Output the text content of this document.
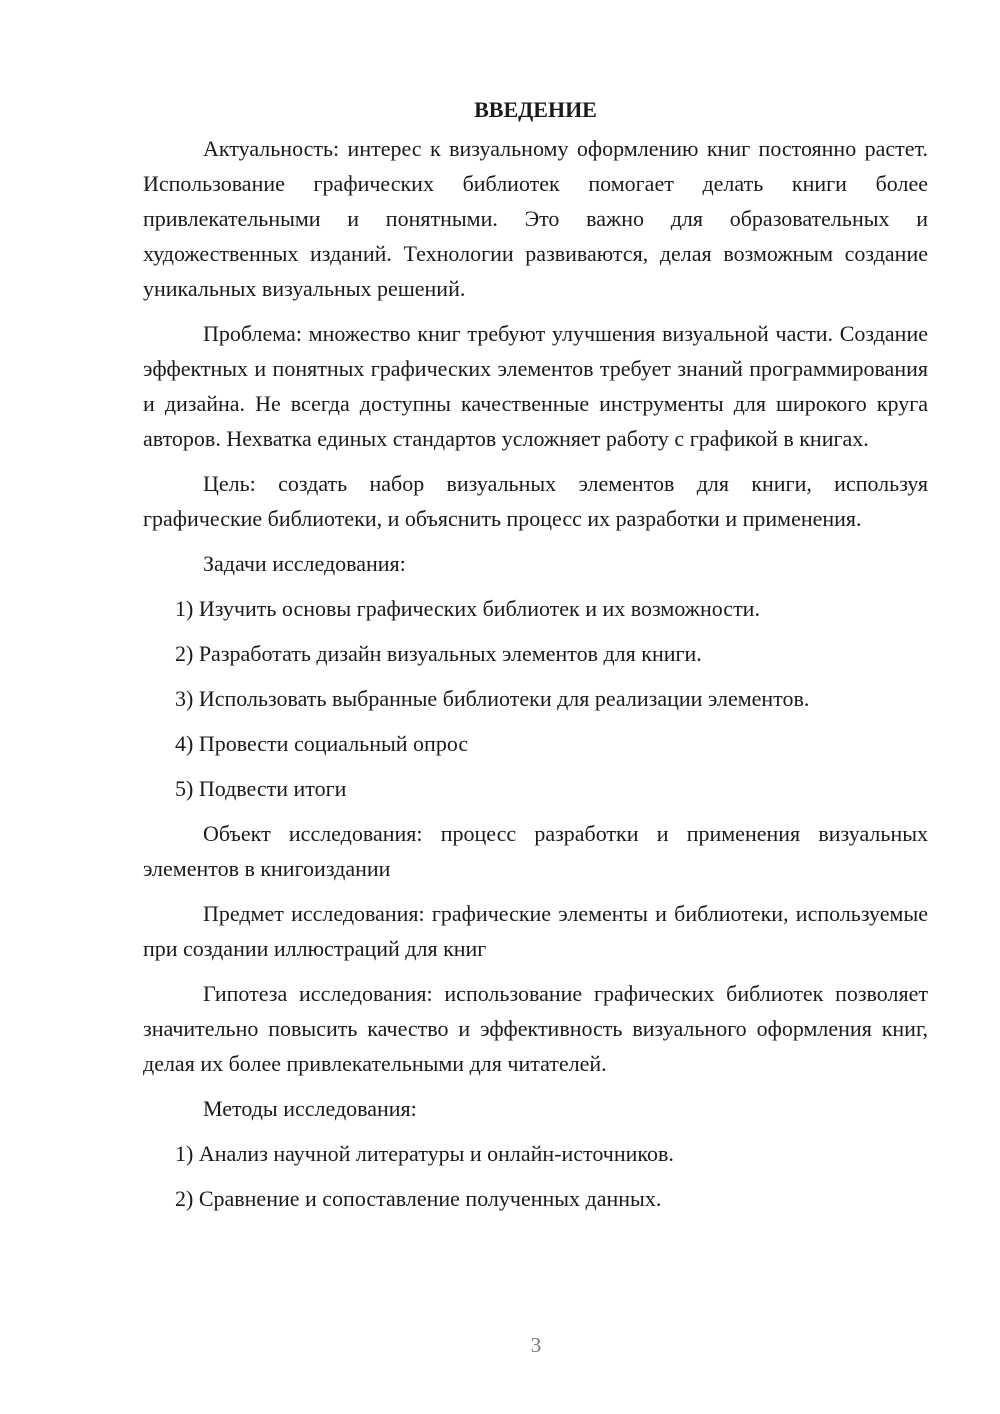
ВВЕДЕНИЕ

Актуальность: интерес к визуальному оформлению книг постоянно растет. Использование графических библиотек помогает делать книги более привлекательными и понятными. Это важно для образовательных и художественных изданий. Технологии развиваются, делая возможным создание уникальных визуальных решений.

Проблема: множество книг требуют улучшения визуальной части. Создание эффектных и понятных графических элементов требует знаний программирования и дизайна. Не всегда доступны качественные инструменты для широкого круга авторов. Нехватка единых стандартов усложняет работу с графикой в книгах.

Цель: создать набор визуальных элементов для книги, используя графические библиотеки, и объяснить процесс их разработки и применения.

Задачи исследования:

1) Изучить основы графических библиотек и их возможности.

2) Разработать дизайн визуальных элементов для книги.

3) Использовать выбранные библиотеки для реализации элементов.

4) Провести социальный опрос

5) Подвести итоги

Объект исследования: процесс разработки и применения визуальных элементов в книгоиздании

Предмет исследования: графические элементы и библиотеки, используемые при создании иллюстраций для книг

Гипотеза исследования: использование графических библиотек позволяет значительно повысить качество и эффективность визуального оформления книг, делая их более привлекательными для читателей.

Методы исследования:

1) Анализ научной литературы и онлайн-источников.

2) Сравнение и сопоставление полученных данных.

3
